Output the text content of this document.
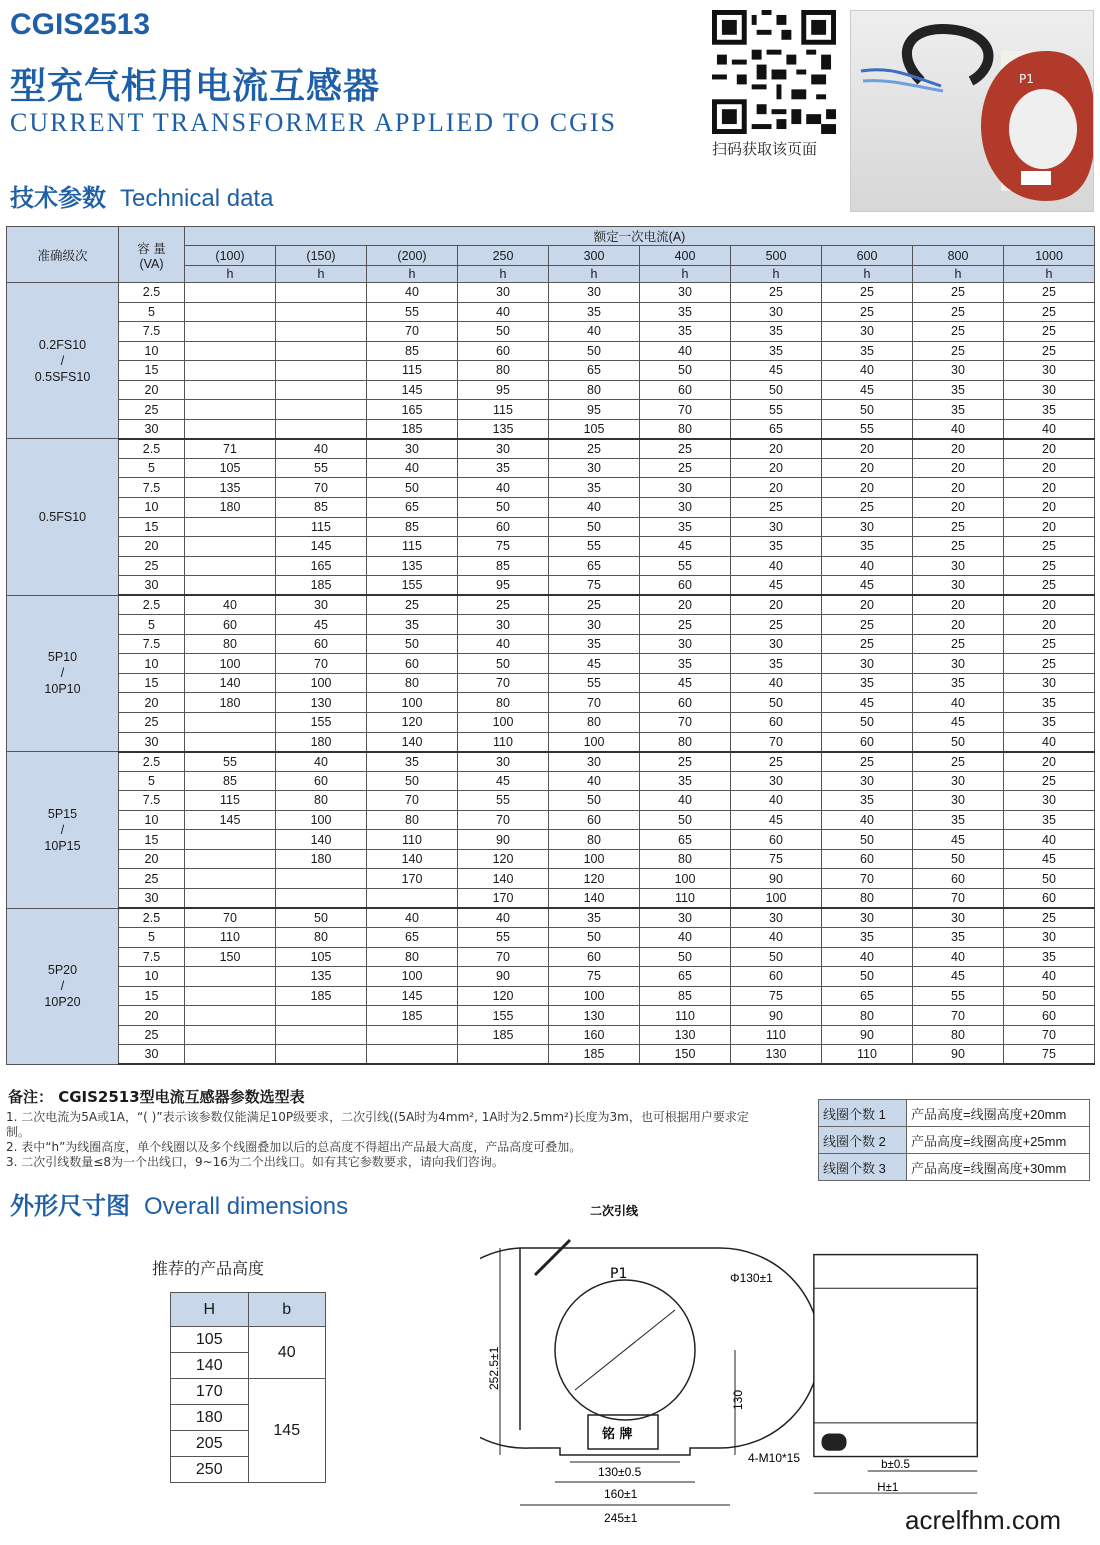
CGIS2513
型充气柜用电流互感器
CURRENT TRANSFORMER APPLIED TO CGIS
扫码获取该页面
P1
技术参数 Technical data
准确级次	容 量
(VA)	额定一次电流(A)									
		(100)	(150)	(200)	250	300	400	500	600	800	1000
		h	h	h	h	h	h	h	h	h	h

0.2FS10
/
0.5SFS10	2.5			40	30	30	30	25	25	25	25
	5			55	40	35	35	30	25	25	25
	7.5			70	50	40	35	35	30	25	25
	10			85	60	50	40	35	35	25	25
	15			115	80	65	50	45	40	30	30
	20			145	95	80	60	50	45	35	30
	25			165	115	95	70	55	50	35	35
	30			185	135	105	80	65	55	40	40

0.5FS10	2.5	71	40	30	30	25	25	20	20	20	20
	5	105	55	40	35	30	25	20	20	20	20
	7.5	135	70	50	40	35	30	20	20	20	20
	10	180	85	65	50	40	30	25	25	20	20
	15		115	85	60	50	35	30	30	25	20
	20		145	115	75	55	45	35	35	25	25
	25		165	135	85	65	55	40	40	30	25
	30		185	155	95	75	60	45	45	30	25

5P10
/
10P10	2.5	40	30	25	25	25	20	20	20	20	20
	5	60	45	35	30	30	25	25	25	20	20
	7.5	80	60	50	40	35	30	30	25	25	25
	10	100	70	60	50	45	35	35	30	30	25
	15	140	100	80	70	55	45	40	35	35	30
	20	180	130	100	80	70	60	50	45	40	35
	25		155	120	100	80	70	60	50	45	35
	30		180	140	110	100	80	70	60	50	40

5P15
/
10P15	2.5	55	40	35	30	30	25	25	25	25	20
	5	85	60	50	45	40	35	30	30	30	25
	7.5	115	80	70	55	50	40	40	35	30	30
	10	145	100	80	70	60	50	45	40	35	35
	15		140	110	90	80	65	60	50	45	40
	20		180	140	120	100	80	75	60	50	45
	25			170	140	120	100	90	70	60	50
	30				170	140	110	100	80	70	60

5P20
/
10P20	2.5	70	50	40	40	35	30	30	30	30	25
	5	110	80	65	55	50	40	40	35	35	30
	7.5	150	105	80	70	60	50	50	40	40	35
	10		135	100	90	75	65	60	50	45	40
	15		185	145	120	100	85	75	65	55	50
	20			185	155	130	110	90	80	70	60
	25				185	160	130	110	90	80	70
	30					185	150	130	110	90	75
备注： CGIS2513型电流互感器参数选型表
1. 二次电流为5A或1A，“( )”表示该参数仅能满足10P级要求，二次引线((5A时为4mm², 1A时为2.5mm²)长度为3m，也可根据用户要求定制。
2. 表中“h”为线圈高度，单个线圈以及多个线圈叠加以后的总高度不得超出产品最大高度，产品高度可叠加。
3. 二次引线数量≤8为一个出线口，9~16为二个出线口。如有其它参数要求，请向我们咨询。
线圈个数 1	产品高度=线圈高度+20mm
线圈个数 2	产品高度=线圈高度+25mm
线圈个数 3	产品高度=线圈高度+30mm
外形尺寸图 Overall dimensions
推荐的产品高度
H	b
105	40
140	
170	145
180	
205	
250	
二次引线
P1	Φ130±1
252.5±1
130
铭 牌
130±0.5
160±1
245±1
4-M10*15
b±0.5
H±1
acrelfhm.com
